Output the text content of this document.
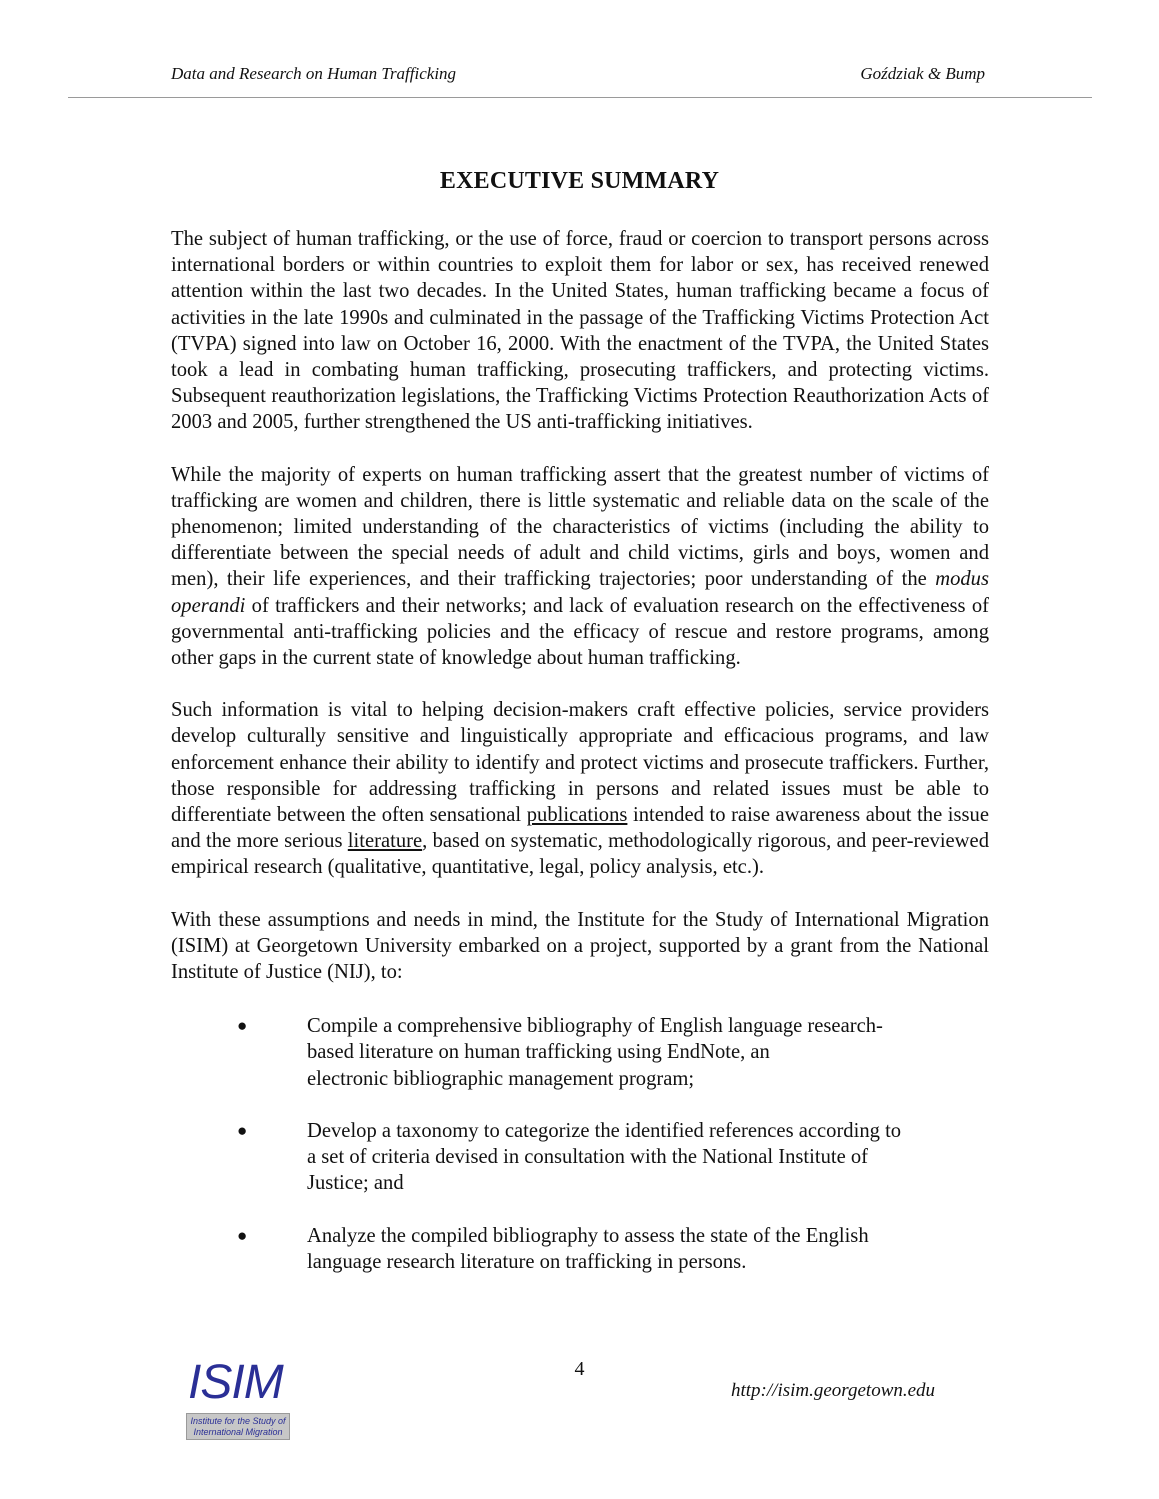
Data and Research on Human Trafficking	Goździak & Bump
EXECUTIVE SUMMARY

The subject of human trafficking, or the use of force, fraud or coercion to transport persons across international borders or within countries to exploit them for labor or sex, has received renewed attention within the last two decades. In the United States, human trafficking became a focus of activities in the late 1990s and culminated in the passage of the Trafficking Victims Protection Act (TVPA) signed into law on October 16, 2000. With the enactment of the TVPA, the United States took a lead in combating human trafficking, prosecuting traffickers, and protecting victims. Subsequent reauthorization legislations, the Trafficking Victims Protection Reauthorization Acts of 2003 and 2005, further strengthened the US anti-trafficking initiatives.

While the majority of experts on human trafficking assert that the greatest number of victims of trafficking are women and children, there is little systematic and reliable data on the scale of the phenomenon; limited understanding of the characteristics of victims (including the ability to differentiate between the special needs of adult and child victims, girls and boys, women and men), their life experiences, and their trafficking trajectories; poor understanding of the modus operandi of traffickers and their networks; and lack of evaluation research on the effectiveness of governmental anti-trafficking policies and the efficacy of rescue and restore programs, among other gaps in the current state of knowledge about human trafficking.

Such information is vital to helping decision-makers craft effective policies, service providers develop culturally sensitive and linguistically appropriate and efficacious programs, and law enforcement enhance their ability to identify and protect victims and prosecute traffickers. Further, those responsible for addressing trafficking in persons and related issues must be able to differentiate between the often sensational publications intended to raise awareness about the issue and the more serious literature, based on systematic, methodologically rigorous, and peer-reviewed empirical research (qualitative, quantitative, legal, policy analysis, etc.).

With these assumptions and needs in mind, the Institute for the Study of International Migration (ISIM) at Georgetown University embarked on a project, supported by a grant from the National Institute of Justice (NIJ), to:

●	Compile a comprehensive bibliography of English language research-
based literature on human trafficking using EndNote, an
electronic bibliographic management program;
●	Develop a taxonomy to categorize the identified references according to
a set of criteria devised in consultation with the National Institute of
Justice; and
●	Analyze the compiled bibliography to assess the state of the English
language research literature on trafficking in persons.
4
ISIM
Institute for the Study of International Migration
http://isim.georgetown.edu
